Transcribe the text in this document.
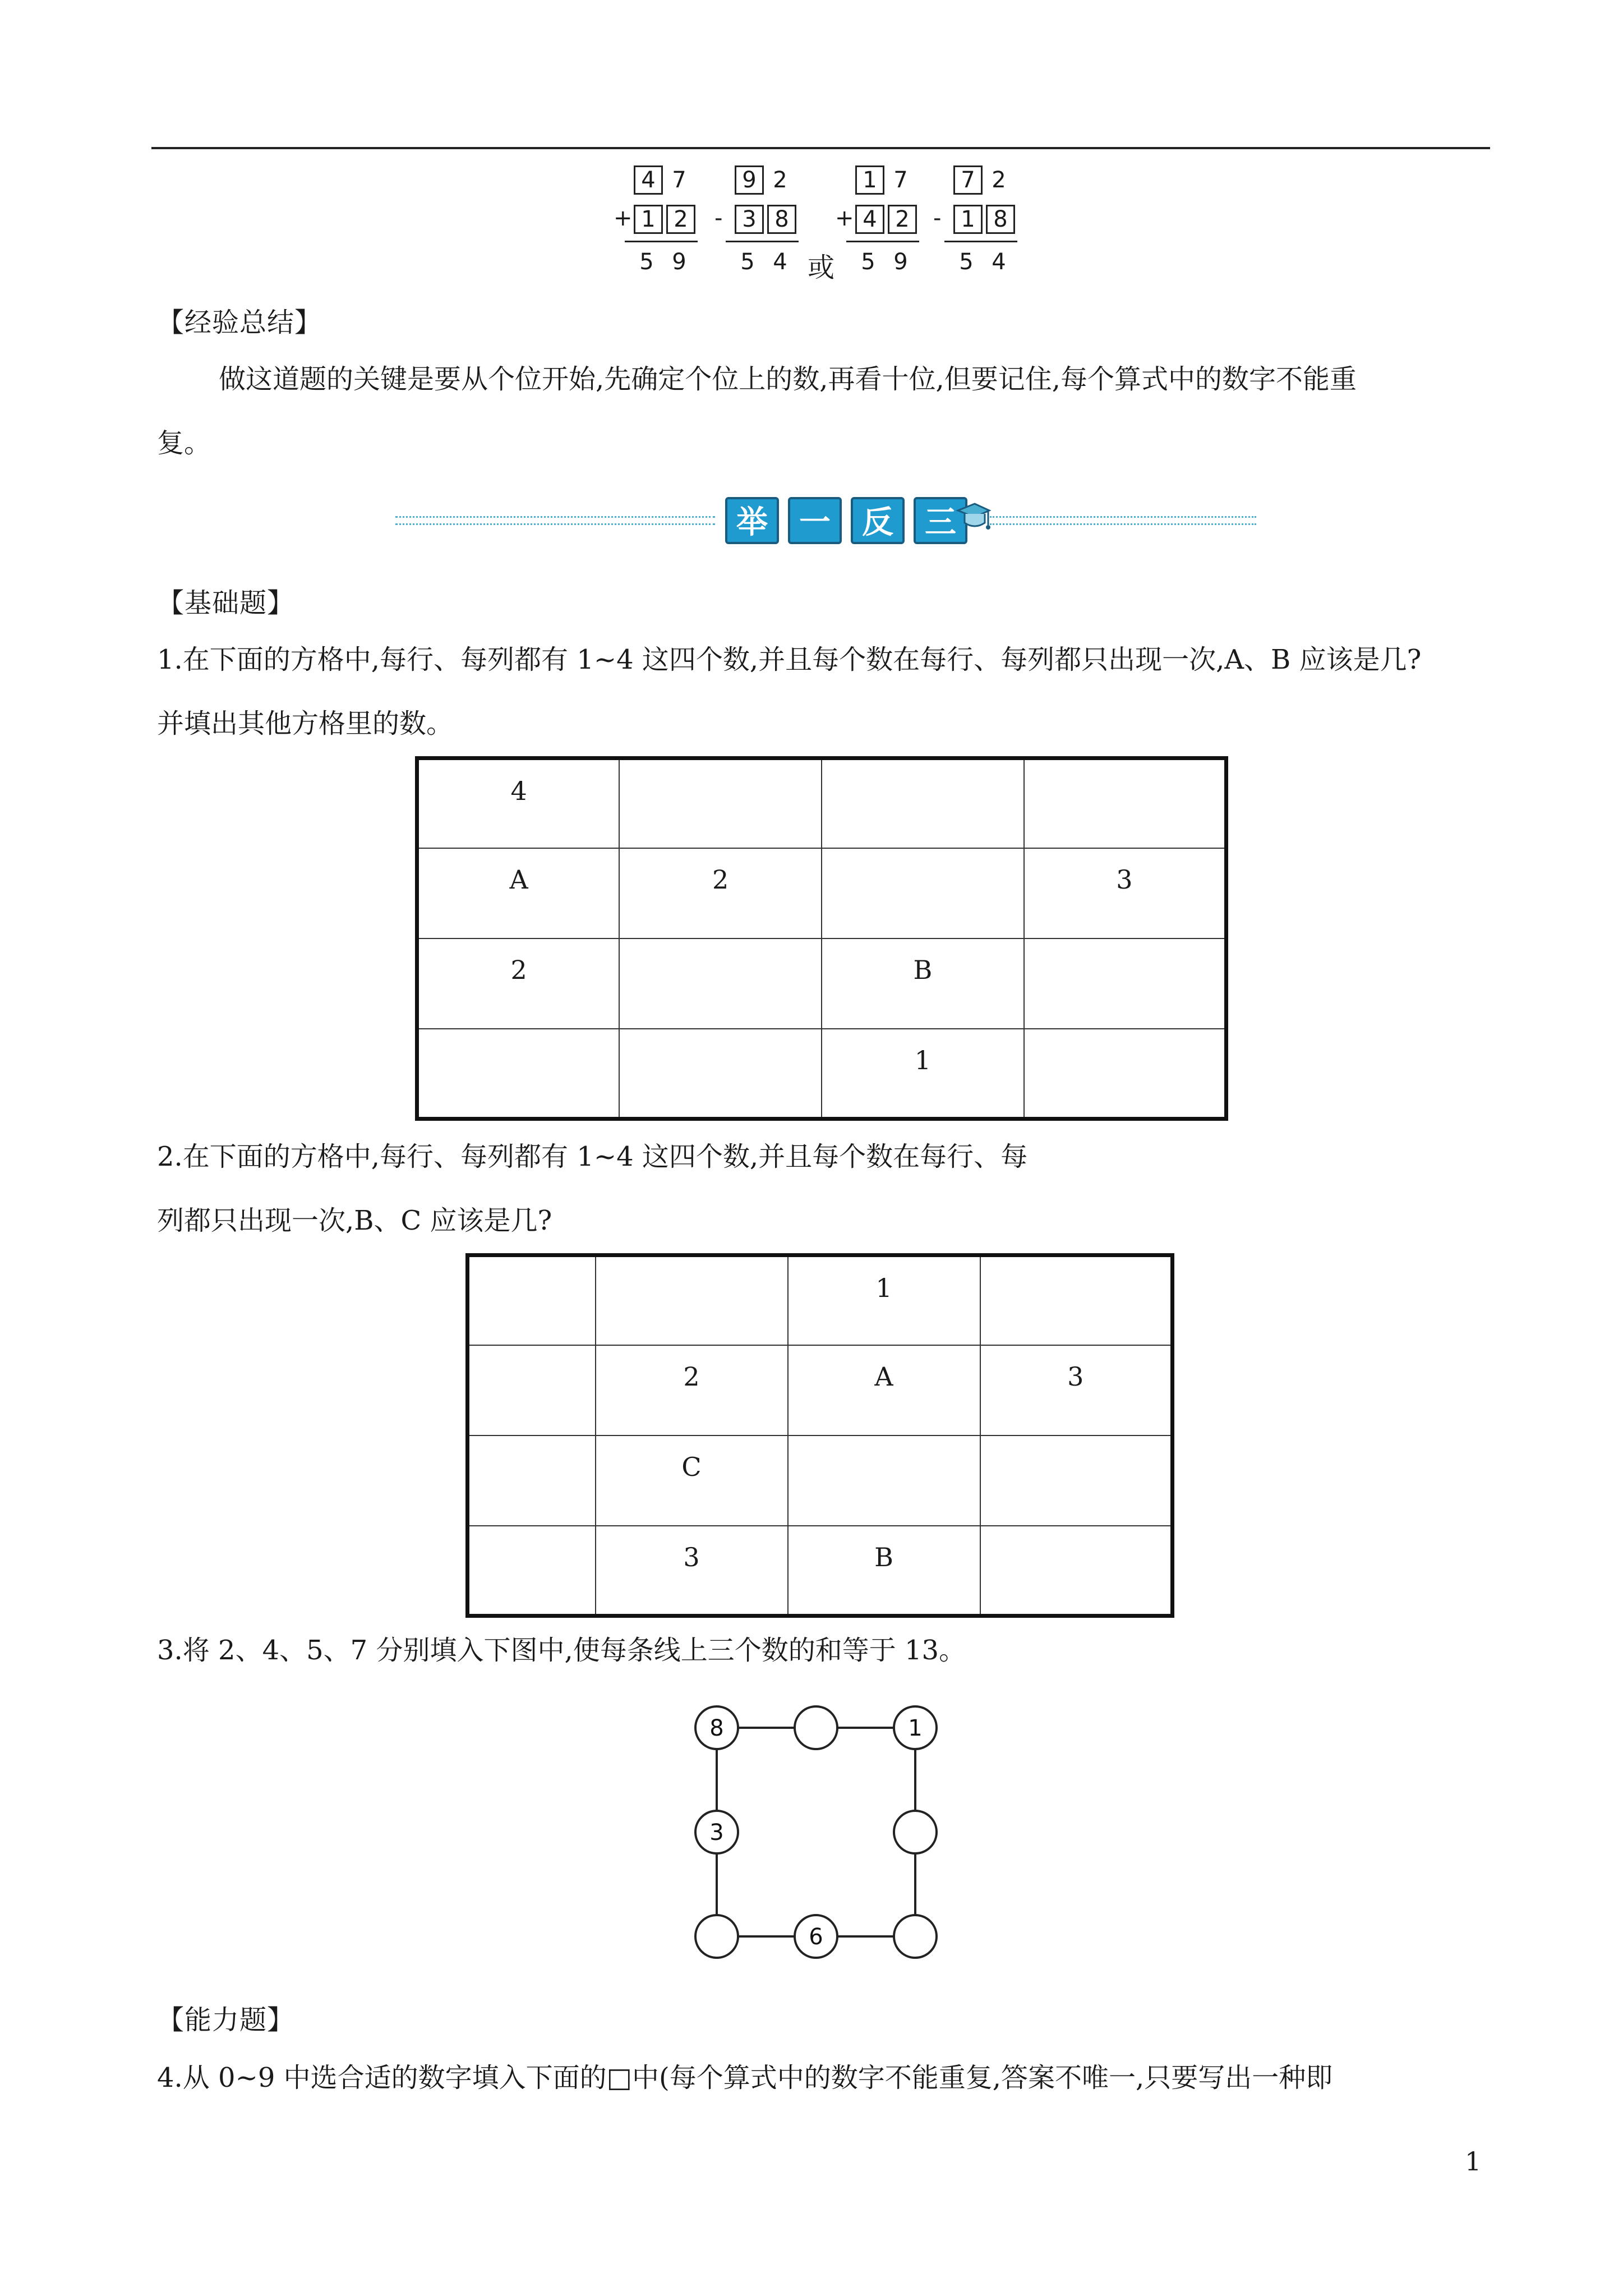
4 7
1 2
5 9
+
9 2
3 8
5 4
-
1 7
4 2
5 9
+
7 2
1 8
5 4
-
或
【经验总结】
做这道题的关键是要从个位开始,先确定个位上的数,再看十位,但要记住,每个算式中的数字不能重
复。
举	一	反	三
【基础题】
1.在下面的方格中,每行、每列都有 1~4 这四个数,并且每个数在每行、每列都只出现一次,A、B 应该是几?
并填出其他方格里的数。
4			
A	2		3
2		B	
		1	
2.在下面的方格中,每行、每列都有 1~4 这四个数,并且每个数在每行、每
列都只出现一次,B、C 应该是几?
		1	
	2	A	3
	C		
	3	B	
3.将 2、4、5、7 分别填入下图中,使每条线上三个数的和等于 13。
8	1
3
6
【能力题】
4.从 0~9 中选合适的数字填入下面的□中(每个算式中的数字不能重复,答案不唯一,只要写出一种即
1
